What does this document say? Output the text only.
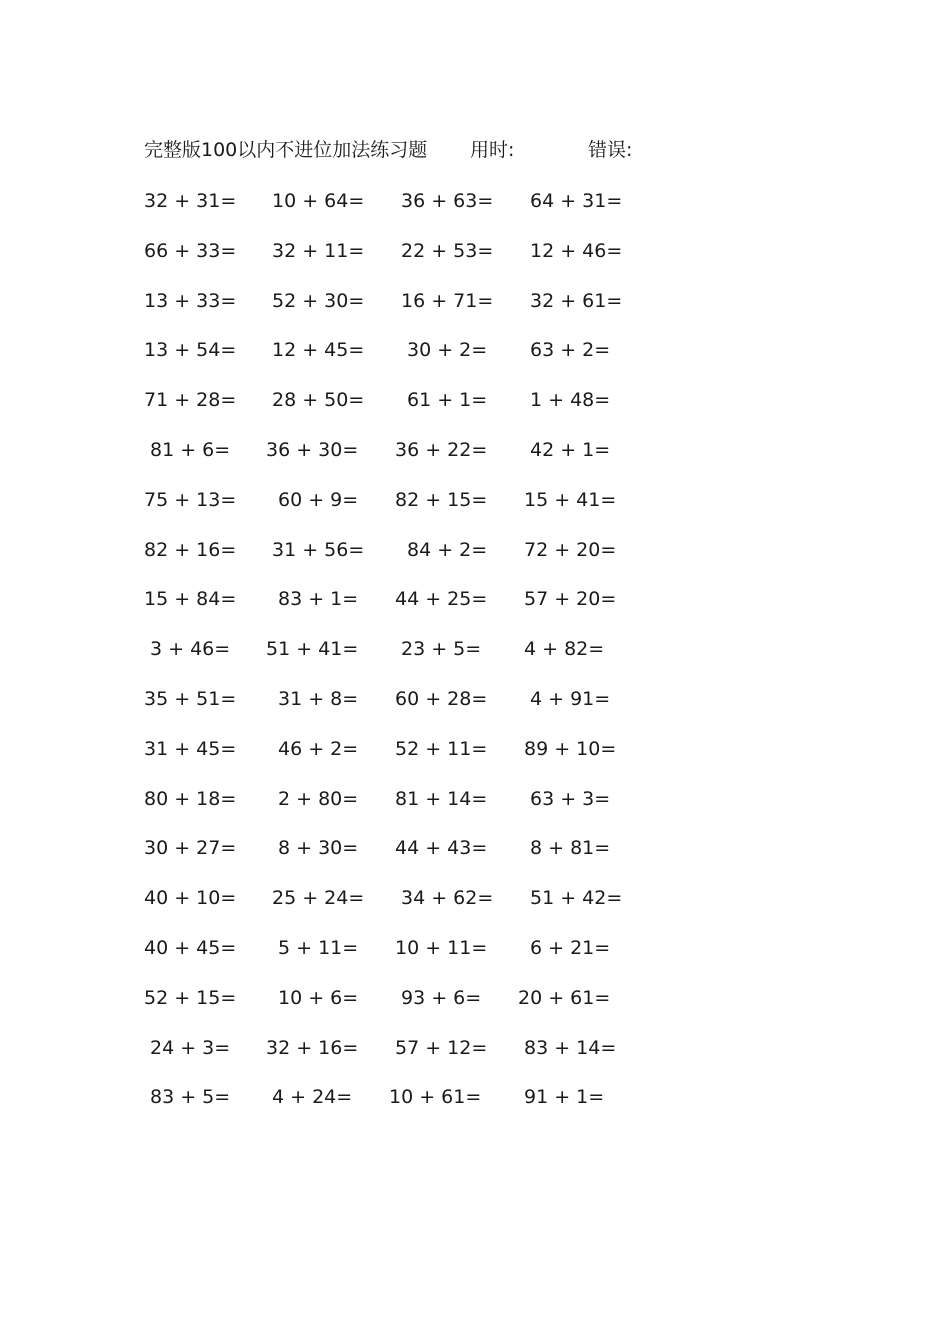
完整版100以内不进位加法练习题 用时:	错误:
32 + 31= 10 + 64= 36 + 63= 64 + 31=
66 + 33= 32 + 11= 22 + 53= 12 + 46=
13 + 33= 52 + 30= 16 + 71= 32 + 61=
13 + 54= 12 + 45= 30 + 2= 63 + 2=
71 + 28= 28 + 50= 61 + 1= 1 + 48=
81 + 6= 36 + 30= 36 + 22= 42 + 1=
75 + 13= 60 + 9= 82 + 15= 15 + 41=
82 + 16= 31 + 56= 84 + 2= 72 + 20=
15 + 84= 83 + 1= 44 + 25= 57 + 20=
3 + 46= 51 + 41= 23 + 5= 4 + 82=
35 + 51= 31 + 8= 60 + 28= 4 + 91=
31 + 45= 46 + 2= 52 + 11= 89 + 10=
80 + 18= 2 + 80= 81 + 14= 63 + 3=
30 + 27= 8 + 30= 44 + 43= 8 + 81=
40 + 10= 25 + 24= 34 + 62= 51 + 42=
40 + 45= 5 + 11= 10 + 11= 6 + 21=
52 + 15= 10 + 6= 93 + 6= 20 + 61=
24 + 3= 32 + 16= 57 + 12= 83 + 14=
83 + 5= 4 + 24= 10 + 61= 91 + 1=
